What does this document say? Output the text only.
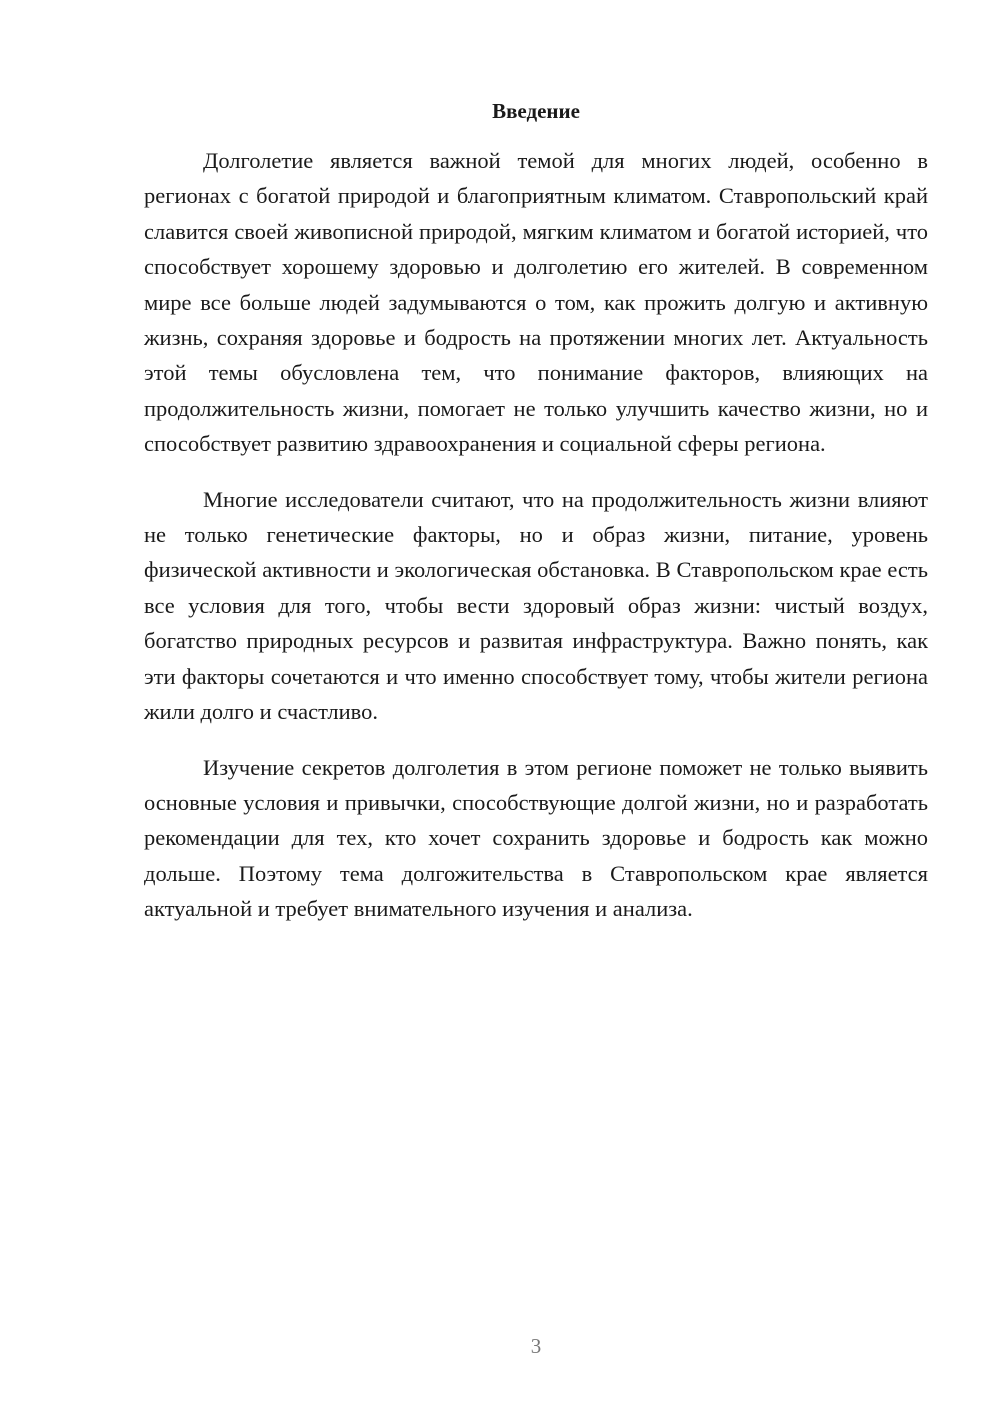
Введение

Долголетие является важной темой для многих людей, особенно в регионах с богатой природой и благоприятным климатом. Ставропольский край славится своей живописной природой, мягким климатом и богатой историей, что способствует хорошему здоровью и долголетию его жителей. В современном мире все больше людей задумываются о том, как прожить долгую и активную жизнь, сохраняя здоровье и бодрость на протяжении многих лет. Актуальность этой темы обусловлена тем, что понимание факторов, влияющих на продолжительность жизни, помогает не только улучшить качество жизни, но и способствует развитию здравоохранения и социальной сферы региона.

Многие исследователи считают, что на продолжительность жизни влияют не только генетические факторы, но и образ жизни, питание, уровень физической активности и экологическая обстановка. В Ставропольском крае есть все условия для того, чтобы вести здоровый образ жизни: чистый воздух, богатство природных ресурсов и развитая инфраструктура. Важно понять, как эти факторы сочетаются и что именно способствует тому, чтобы жители региона жили долго и счастливо.

Изучение секретов долголетия в этом регионе поможет не только выявить основные условия и привычки, способствующие долгой жизни, но и разработать рекомендации для тех, кто хочет сохранить здоровье и бодрость как можно дольше. Поэтому тема долгожительства в Ставропольском крае является актуальной и требует внимательного изучения и анализа.

3
